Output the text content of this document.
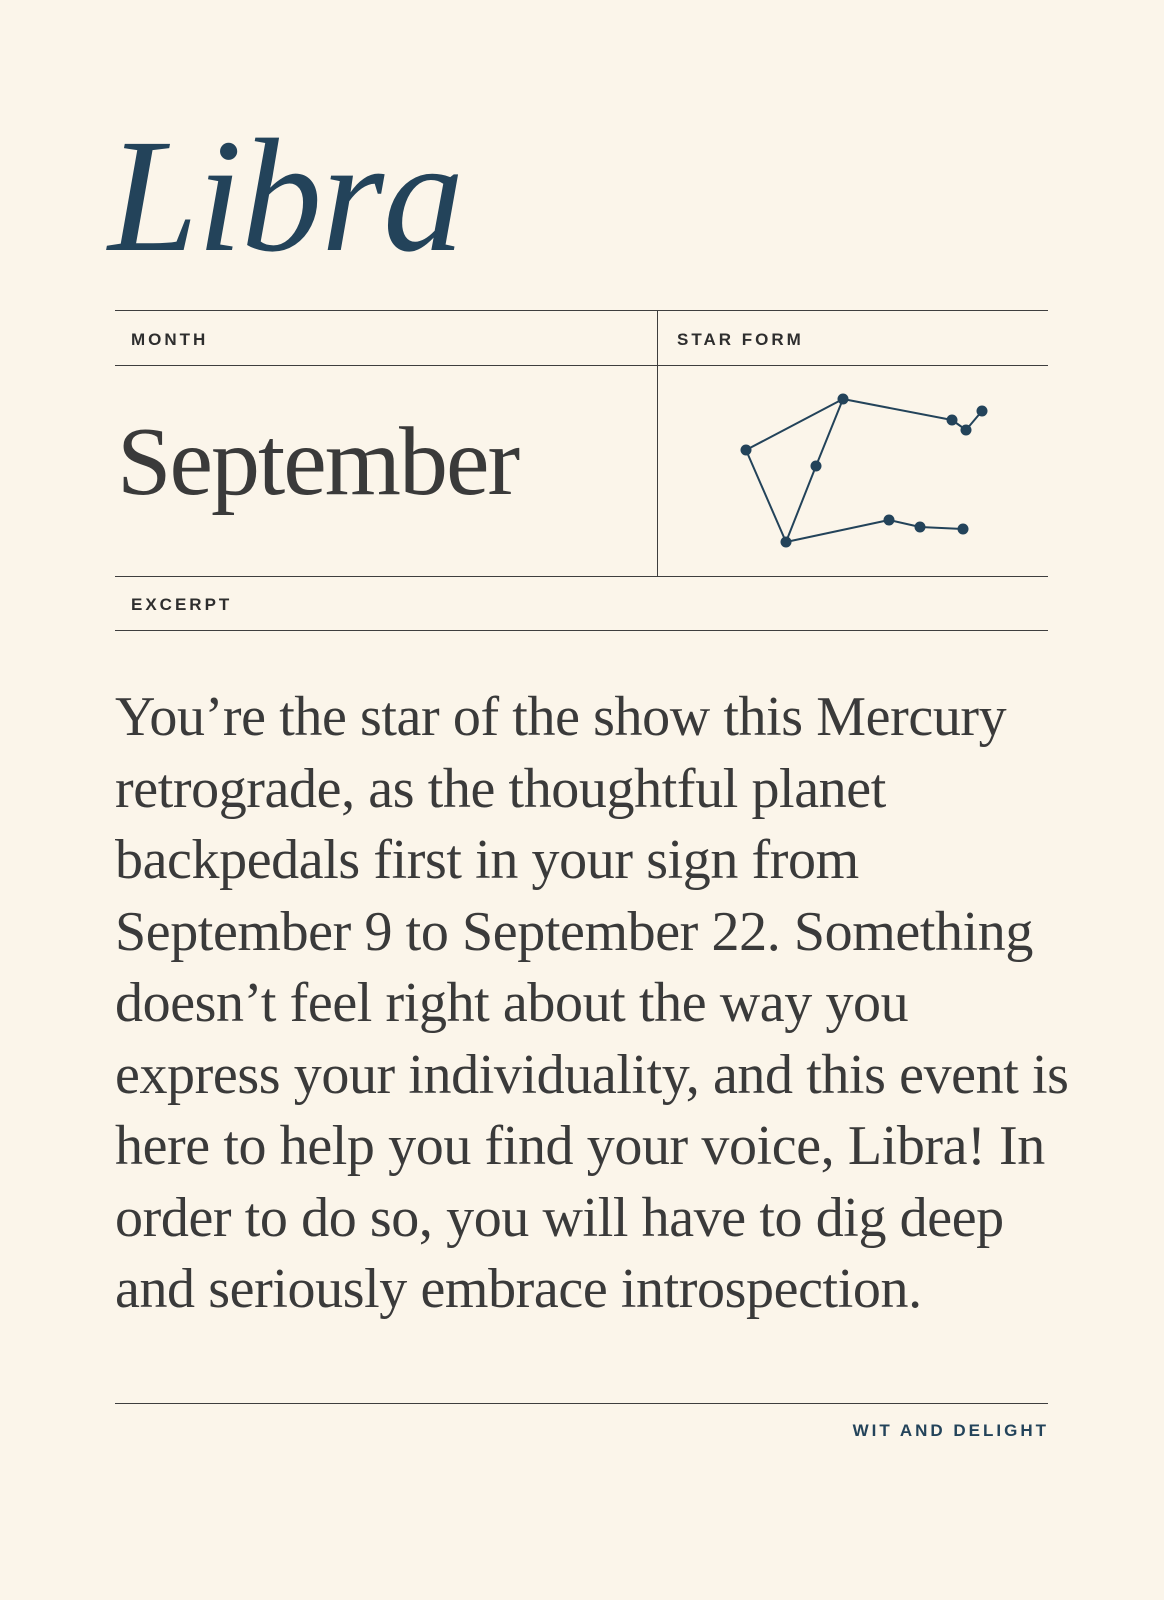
Libra
MONTH	STAR FORM
September
EXCERPT

You’re the star of the show this Mercury retrograde, as the thoughtful planet backpedals first in your sign from September 9 to September 22. Something doesn’t feel right about the way you express your individuality, and this event is here to help you find your voice, Libra! In order to do so, you will have to dig deep and seriously embrace introspection.

WIT AND DELIGHT
